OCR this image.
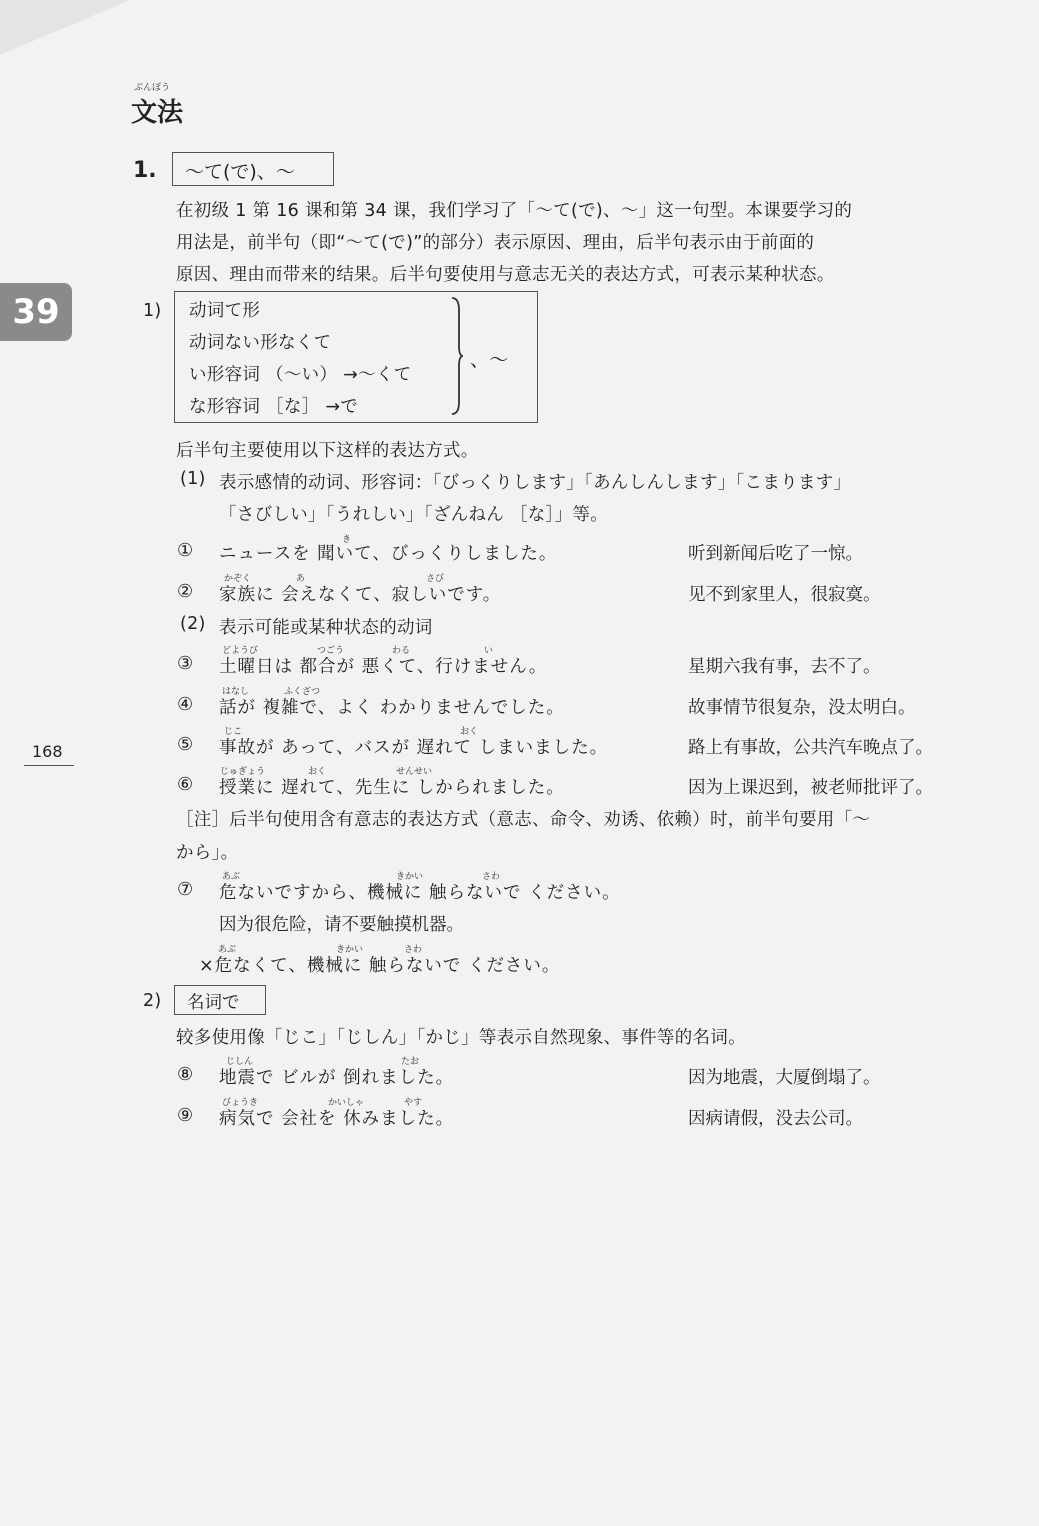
ぶんぽう
文法
1.	～て(で)、～
在初级 1 第 16 课和第 34 课，我们学习了「～て(で)、～」这一句型。本课要学习的
用法是，前半句（即“～て(で)”的部分）表示原因、理由，后半句表示由于前面的
原因、理由而带来的结果。后半句要使用与意志无关的表达方式，可表示某种状态。
39	1) 动词て形
动词ない形なくて
い形容词 （～い） →～くて
な形容词 ［な］ →で
、～
后半句主要使用以下这样的表达方式。
(1) 表示感情的动词、形容词：「びっくりします」「あんしんします」「こまります」
「さびしい」「うれしい」「ざんねん ［な］」等。
き
① ニュースを 聞いて、びっくりしました。	听到新闻后吃了一惊。
かぞく	あ	さび
② 家族に 会えなくて、寂しいです。	见不到家里人，很寂寞。
(2) 表示可能或某种状态的动词
どようび	つごう	わる	い
③ 土曜日は 都合が 悪くて、行けません。	星期六我有事，去不了。
はなし	ふくざつ
④ 話が 複雑で、よく わかりませんでした。	故事情节很复杂，没太明白。
168
じこ	おく
⑤ 事故が あって、バスが 遅れて しまいました。	路上有事故，公共汽车晚点了。
じゅぎょう	おく	せんせい
⑥ 授業に 遅れて、先生に しかられました。	因为上课迟到，被老师批评了。
［注］后半句使用含有意志的表达方式（意志、命令、劝诱、依赖）时，前半句要用「～
から」。
あぶ	きかい	さわ
⑦ 危ないですから、機械に 触らないで ください。
因为很危险，请不要触摸机器。
あぶ	きかい	さわ
×危なくて、機械に 触らないで ください。
2)	名词で
较多使用像「じこ」「じしん」「かじ」等表示自然现象、事件等的名词。
じしん	たお
⑧ 地震で ビルが 倒れました。	因为地震，大厦倒塌了。
びょうき	かいしゃ	やす
⑨ 病気で 会社を 休みました。	因病请假，没去公司。
